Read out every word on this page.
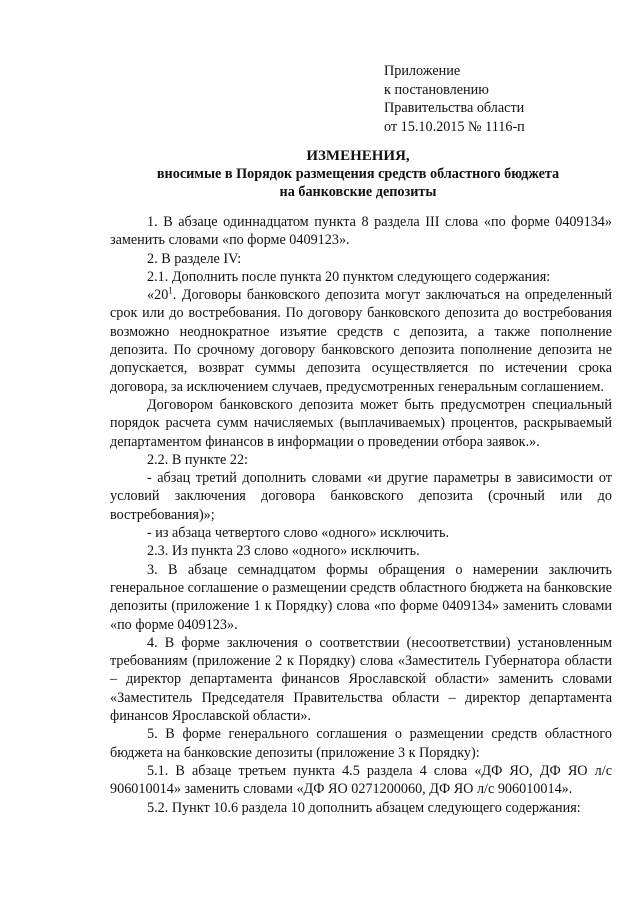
Приложение
к постановлению
Правительства области
от 15.10.2015 № 1116-п
ИЗМЕНЕНИЯ,
вносимые в Порядок размещения средств областного бюджета
на банковские депозиты

1. В абзаце одиннадцатом пункта 8 раздела III слова «по форме 0409134» заменить словами «по форме 0409123».

2. В разделе IV:

2.1. Дополнить после пункта 20 пунктом следующего содержания:

«$20^1$. Договоры банковского депозита могут заключаться на определенный срок или до востребования. По договору банковского депозита до востребования возможно неоднократное изъятие средств с депозита, а также пополнение депозита. По срочному договору банковского депозита пополнение депозита не допускается, возврат суммы депозита осуществляется по истечении срока договора, за исключением случаев, предусмотренных генеральным соглашением.

Договором банковского депозита может быть предусмотрен специальный порядок расчета сумм начисляемых (выплачиваемых) процентов, раскрываемый департаментом финансов в информации о проведении отбора заявок.».

2.2. В пункте 22:

- абзац третий дополнить словами «и другие параметры в зависимости от условий заключения договора банковского депозита (срочный или до востребования)»;

- из абзаца четвертого слово «одного» исключить.

2.3. Из пункта 23 слово «одного» исключить.

3. В абзаце семнадцатом формы обращения о намерении заключить генеральное соглашение о размещении средств областного бюджета на банковские депозиты (приложение 1 к Порядку) слова «по форме 0409134» заменить словами «по форме 0409123».

4. В форме заключения о соответствии (несоответствии) установленным требованиям (приложение 2 к Порядку) слова «Заместитель Губернатора области – директор департамента финансов Ярославской области» заменить словами «Заместитель Председателя Правительства области – директор департамента финансов Ярославской области».

5. В форме генерального соглашения о размещении средств областного бюджета на банковские депозиты (приложение 3 к Порядку):

5.1. В абзаце третьем пункта 4.5 раздела 4 слова «ДФ ЯО, ДФ ЯО л/с 906010014» заменить словами «ДФ ЯО 0271200060, ДФ ЯО л/с 906010014».

5.2. Пункт 10.6 раздела 10 дополнить абзацем следующего содержания:
